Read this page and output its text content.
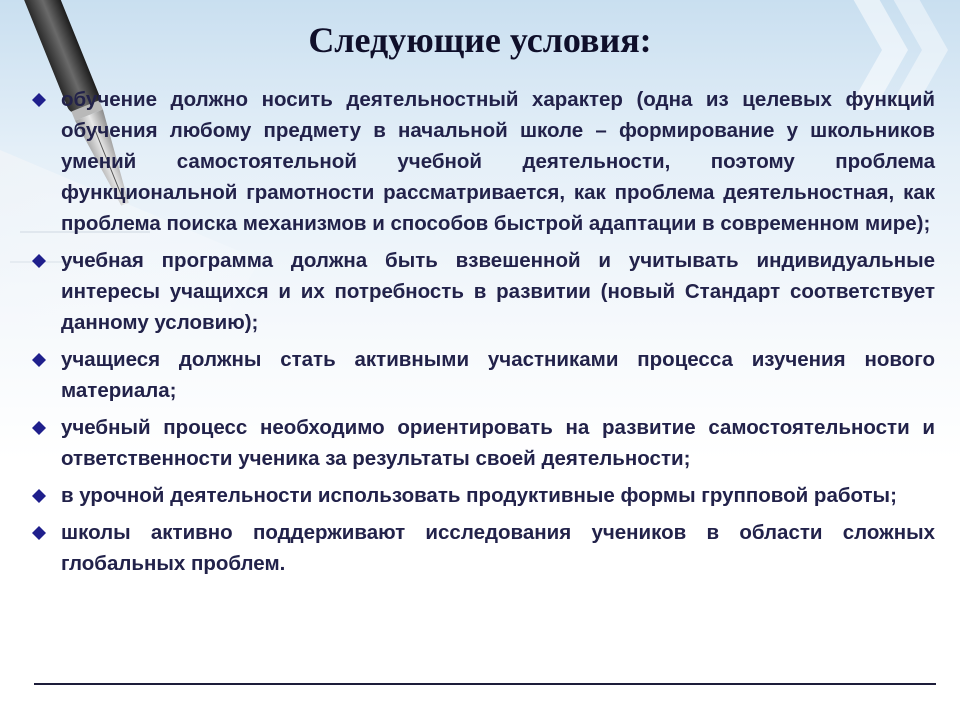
Следующие условия:

обучение должно носить деятельностный характер (одна из целевых функций обучения любому предмету в начальной школе – формирование у школьников умений самостоятельной учебной деятельности, поэтому проблема функциональной грамотности рассматривается, как проблема деятельностная, как проблема поиска механизмов и способов быстрой адаптации в современном мире);

учебная программа должна быть взвешенной и учитывать индивидуальные интересы учащихся и их потребность в развитии (новый Стандарт соответствует данному условию);

учащиеся должны стать активными участниками процесса изучения нового материала;

учебный процесс необходимо ориентировать на развитие самостоятельности и ответственности ученика за результаты своей деятельности;

в урочной деятельности использовать продуктивные формы групповой работы;

школы активно поддерживают исследования учеников в области сложных глобальных проблем.
